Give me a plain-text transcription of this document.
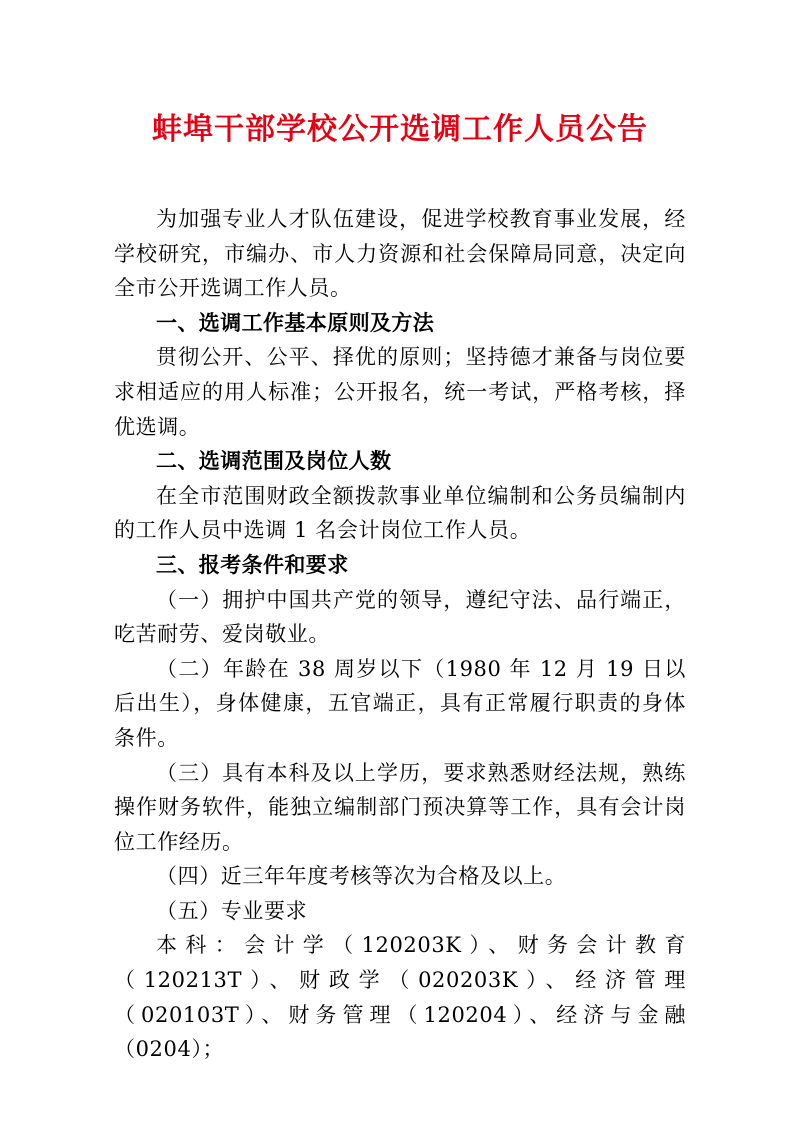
蚌埠干部学校公开选调工作人员公告

为加强专业人才队伍建设，促进学校教育事业发展，经学校研究，市编办、市人力资源和社会保障局同意，决定向全市公开选调工作人员。

一、选调工作基本原则及方法

贯彻公开、公平、择优的原则；坚持德才兼备与岗位要求相适应的用人标准；公开报名，统一考试，严格考核，择优选调。

二、选调范围及岗位人数

在全市范围财政全额拨款事业单位编制和公务员编制内的工作人员中选调 1 名会计岗位工作人员。

三、报考条件和要求

（一）拥护中国共产党的领导，遵纪守法、品行端正，吃苦耐劳、爱岗敬业。

（二）年龄在 38 周岁以下（1980 年 12 月 19 日以后出生），身体健康，五官端正，具有正常履行职责的身体条件。

（三）具有本科及以上学历，要求熟悉财经法规，熟练操作财务软件，能独立编制部门预决算等工作，具有会计岗位工作经历。

（四）近三年年度考核等次为合格及以上。

（五）专业要求

本科：会计学（120203K）、财务会计教育（120213T）、财政学（020203K）、经济管理（020103T）、财务管理（120204）、经济与金融（0204）；
